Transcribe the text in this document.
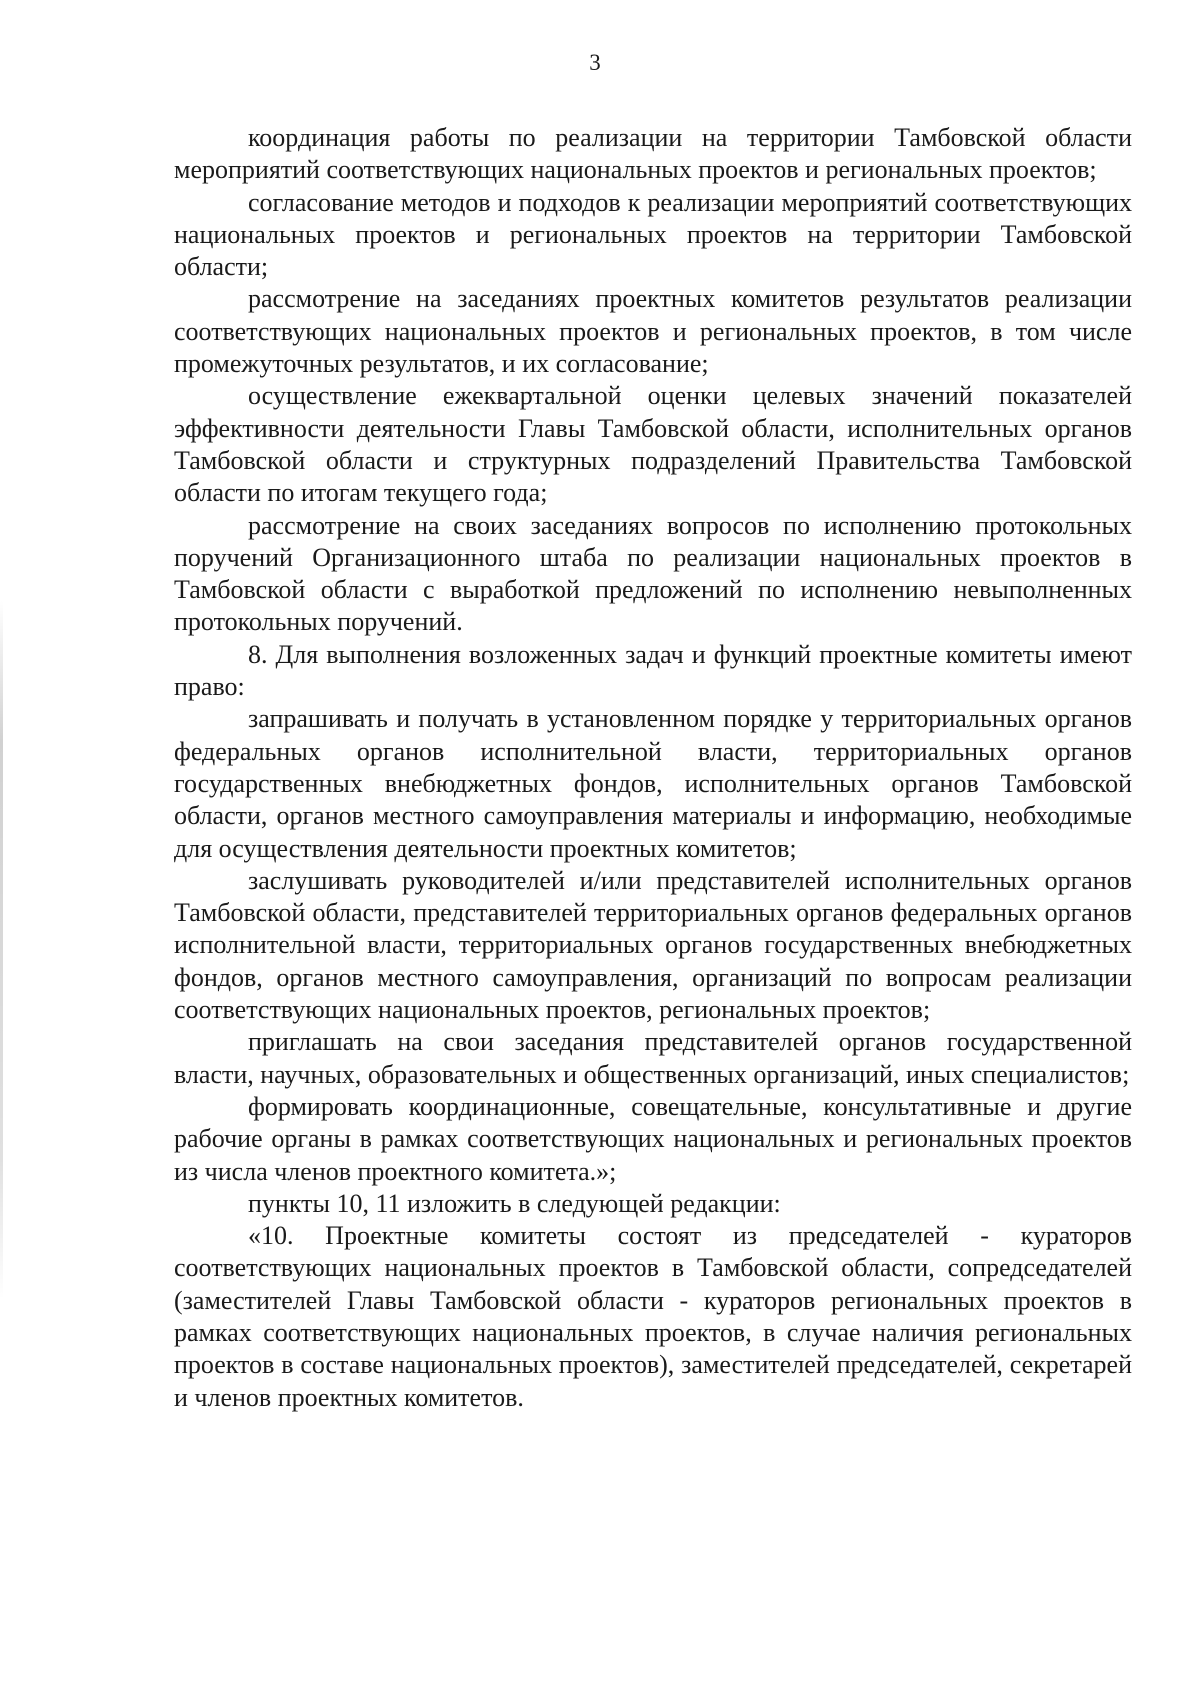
3

координация работы по реализации на территории Тамбовской области мероприятий соответствующих национальных проектов и региональных проектов;

согласование методов и подходов к реализации мероприятий соответствующих национальных проектов и региональных проектов на территории Тамбовской области;

рассмотрение на заседаниях проектных комитетов результатов реализации соответствующих национальных проектов и региональных проектов, в том числе промежуточных результатов, и их согласование;

осуществление ежеквартальной оценки целевых значений показателей эффективности деятельности Главы Тамбовской области, исполнительных органов Тамбовской области и структурных подразделений Правительства Тамбовской области по итогам текущего года;

рассмотрение на своих заседаниях вопросов по исполнению протокольных поручений Организационного штаба по реализации национальных проектов в Тамбовской области с выработкой предложений по исполнению невыполненных протокольных поручений.

8. Для выполнения возложенных задач и функций проектные комитеты имеют право:

запрашивать и получать в установленном порядке у территориальных органов федеральных органов исполнительной власти, территориальных органов государственных внебюджетных фондов, исполнительных органов Тамбовской области, органов местного самоуправления материалы и информацию, необходимые для осуществления деятельности проектных комитетов;

заслушивать руководителей и/или представителей исполнительных органов Тамбовской области, представителей территориальных органов федеральных органов исполнительной власти, территориальных органов государственных внебюджетных фондов, органов местного самоуправления, организаций по вопросам реализации соответствующих национальных проектов, региональных проектов;

приглашать на свои заседания представителей органов государственной власти, научных, образовательных и общественных организаций, иных специалистов;

формировать координационные, совещательные, консультативные и другие рабочие органы в рамках соответствующих национальных и региональных проектов из числа членов проектного комитета.»;

пункты 10, 11 изложить в следующей редакции:

«10. Проектные комитеты состоят из председателей - кураторов соответствующих национальных проектов в Тамбовской области, сопредседателей (заместителей Главы Тамбовской области - кураторов региональных проектов в рамках соответствующих национальных проектов, в случае наличия региональных проектов в составе национальных проектов), заместителей председателей, секретарей и членов проектных комитетов.
